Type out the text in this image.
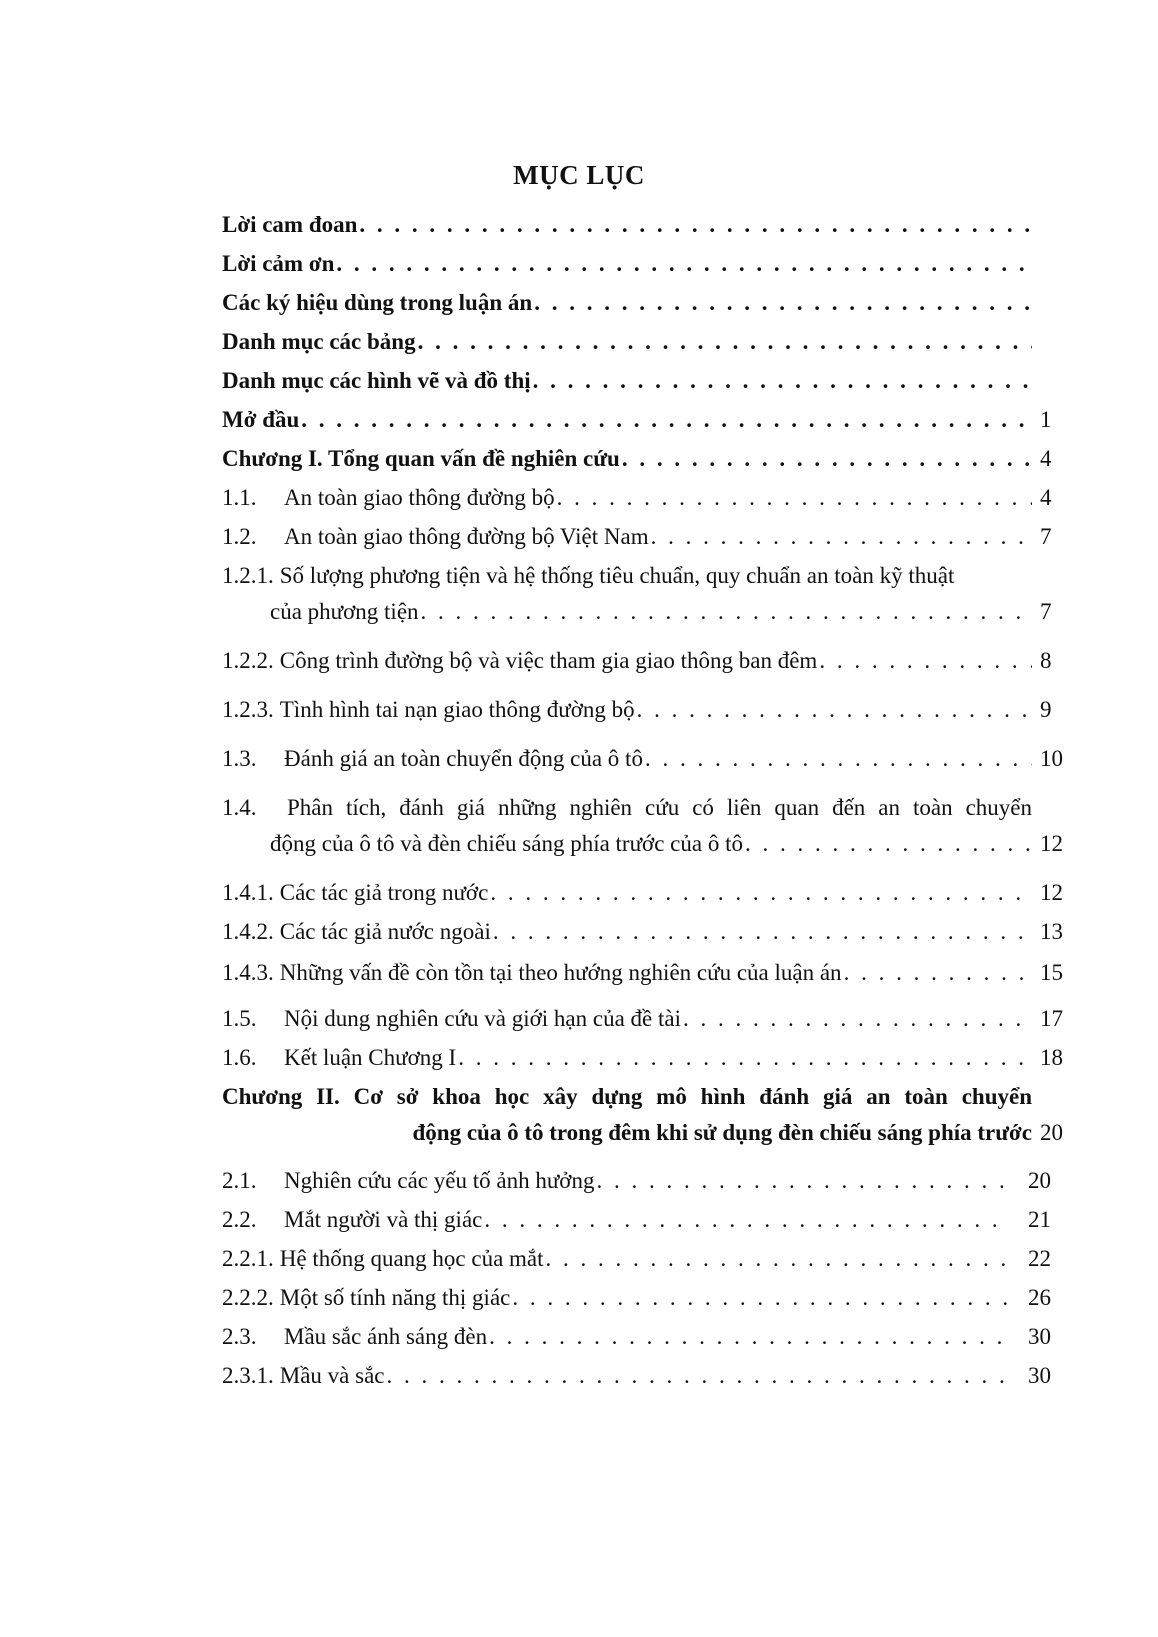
MỤC LỤC
Lời cam đoan
. . .
Lời cảm ơn
. . .
Các ký hiệu dùng trong luận án
. . .
Danh mục các bảng
. . .
Danh mục các hình vẽ và đồ thị
. . .
Mở đầu . . .	1
Chương I. Tổng quan vấn đề nghiên cứu . . .	4
1.1. An toàn giao thông đường bộ . . .	4
1.2. An toàn giao thông đường bộ Việt Nam . . .	7
1.2.1. Số lượng phương tiện và hệ thống tiêu chuẩn, quy chuẩn an toàn kỹ thuật
của phương tiện . . .	7
1.2.2. Công trình đường bộ và việc tham gia giao thông ban đêm . . .	8
1.2.3. Tình hình tai nạn giao thông đường bộ . . .	9
1.3. Đánh giá an toàn chuyển động của ô tô . . .	10
1.4.	Phân tích, đánh giá những nghiên cứu có liên quan đến an toàn chuyển
động của ô tô và đèn chiếu sáng phía trước của ô tô . . .	12
1.4.1. Các tác giả trong nước . . .	12
1.4.2. Các tác giả nước ngoài . . .	13
1.4.3. Những vấn đề còn tồn tại theo hướng nghiên cứu của luận án . . .	15
1.5. Nội dung nghiên cứu và giới hạn của đề tài . . .	17
1.6. Kết luận Chương I . . .	18
Chương II. Cơ sở khoa học xây dựng mô hình đánh giá an toàn chuyển
động của ô tô trong đêm khi sử dụng đèn chiếu sáng phía trước 20
2.1. Nghiên cứu các yếu tố ảnh hưởng . . .	20
2.2. Mắt người và thị giác . . .	21
2.2.1. Hệ thống quang học của mắt . . .	22
2.2.2. Một số tính năng thị giác . . .	26
2.3. Mầu sắc ánh sáng đèn . . .	30
2.3.1. Mầu và sắc . . .	30
